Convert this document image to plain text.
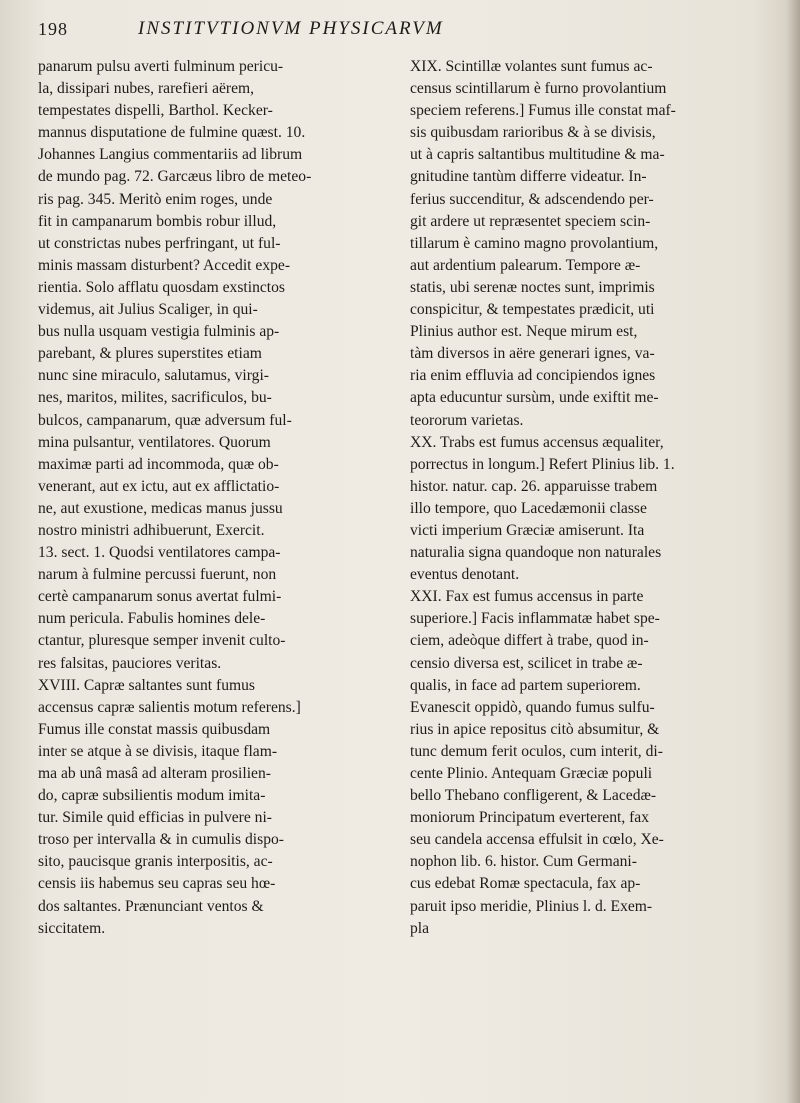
198	INSTITVTIONVM PHYSICARVM

panarum pulsu averti fulminum pericu-

la, dissipari nubes, rarefieri aërem,

tempestates dispelli, Barthol. Kecker-

mannus disputatione de fulmine quæst. 10.

Johannes Langius commentariis ad librum

de mundo pag. 72. Garcæus libro de meteo-

ris pag. 345. Meritò enim roges, unde

fit in campanarum bombis robur illud,

ut constrictas nubes perfringant, ut ful-

minis massam disturbent? Accedit expe-

rientia. Solo afflatu quosdam exstinctos

videmus, ait Julius Scaliger, in qui-

bus nulla usquam vestigia fulminis ap-

parebant, & plures superstites etiam

nunc sine miraculo, salutamus, virgi-

nes, maritos, milites, sacrificulos, bu-

bulcos, campanarum, quæ adversum ful-

mina pulsantur, ventilatores. Quorum

maximæ parti ad incommoda, quæ ob-

venerant, aut ex ictu, aut ex afflictatio-

ne, aut exustione, medicas manus jussu

nostro ministri adhibuerunt, Exercit.

13. sect. 1. Quodsi ventilatores campa-

narum à fulmine percussi fuerunt, non

certè campanarum sonus avertat fulmi-

num pericula. Fabulis homines dele-

ctantur, pluresque semper invenit culto-

res falsitas, pauciores veritas.

XVIII. Capræ saltantes sunt fumus

accensus capræ salientis motum referens.]

Fumus ille constat massis quibusdam

inter se atque à se divisis, itaque flam-

ma ab unâ masâ ad alteram prosilien-

do, capræ subsilientis modum imita-

tur. Simile quid efficias in pulvere ni-

troso per intervalla & in cumulis dispo-

sito, paucisque granis interpositis, ac-

censis iis habemus seu capras seu hœ-

dos saltantes. Prænunciant ventos &

siccitatem.

XIX. Scintillæ volantes sunt fumus ac-

census scintillarum è furno provolantium

speciem referens.] Fumus ille constat maf-

sis quibusdam rarioribus & à se divisis,

ut à capris saltantibus multitudine & ma-

gnitudine tantùm differre videatur. In-

ferius succenditur, & adscendendo per-

git ardere ut repræsentet speciem scin-

tillarum è camino magno provolantium,

aut ardentium palearum. Tempore æ-

statis, ubi serenæ noctes sunt, imprimis

conspicitur, & tempestates prædicit, uti

Plinius author est. Neque mirum est,

tàm diversos in aëre generari ignes, va-

ria enim effluvia ad concipiendos ignes

apta educuntur sursùm, unde exiftit me-

teororum varietas.

XX. Trabs est fumus accensus æqualiter,

porrectus in longum.] Refert Plinius lib. 1.

histor. natur. cap. 26. apparuisse trabem

illo tempore, quo Lacedæmonii classe

victi imperium Græciæ amiserunt. Ita

naturalia signa quandoque non naturales

eventus denotant.

XXI. Fax est fumus accensus in parte

superiore.] Facis inflammatæ habet spe-

ciem, adeòque differt à trabe, quod in-

censio diversa est, scilicet in trabe æ-

qualis, in face ad partem superiorem.

Evanescit oppidò, quando fumus sulfu-

rius in apice repositus citò absumitur, &

tunc demum ferit oculos, cum interit, di-

cente Plinio. Antequam Græciæ populi

bello Thebano confligerent, & Lacedæ-

moniorum Principatum everterent, fax

seu candela accensa effulsit in cœlo, Xe-

nophon lib. 6. histor. Cum Germani-

cus edebat Romæ spectacula, fax ap-

paruit ipso meridie, Plinius l. d. Exem-

pla
